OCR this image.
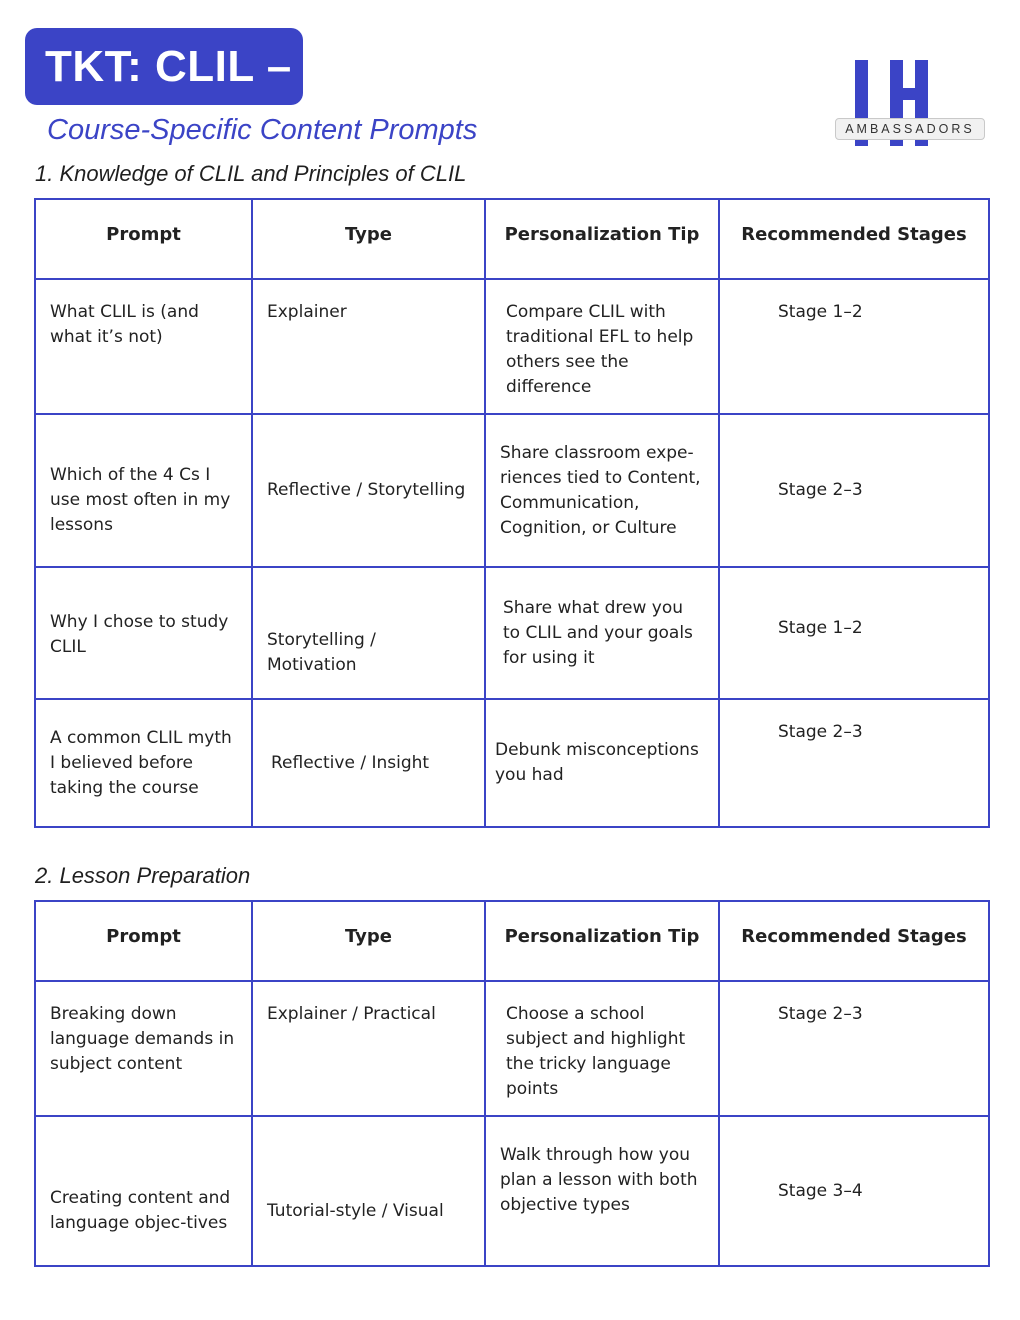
TKT: CLIL –
Course-Specific Content Prompts	AMBASSADORS
1. Knowledge of CLIL and Principles of CLIL
Prompt	Type	Personalization Tip	Recommended Stages
What CLIL is (and what it’s not)	Explainer	Compare CLIL with traditional EFL to help others see the difference	Stage 1–2
Which of the 4 Cs I use most often in my lessons	Reflective / Storytelling	Share classroom expe-riences tied to Content, Communication, Cognition, or Culture	Stage 2–3
Why I chose to study CLIL	Storytelling / Motivation	Share what drew you to CLIL and your goals for using it	Stage 1–2
A common CLIL myth I believed before taking the course	Reflective / Insight	Debunk misconceptions you had	Stage 2–3
2. Lesson Preparation
Prompt	Type	Personalization Tip	Recommended Stages
Breaking down language demands in subject content	Explainer / Practical	Choose a school subject and highlight the tricky language points	Stage 2–3
Creating content and language objec-tives	Tutorial-style / Visual	Walk through how you plan a lesson with both objective types	Stage 3–4
